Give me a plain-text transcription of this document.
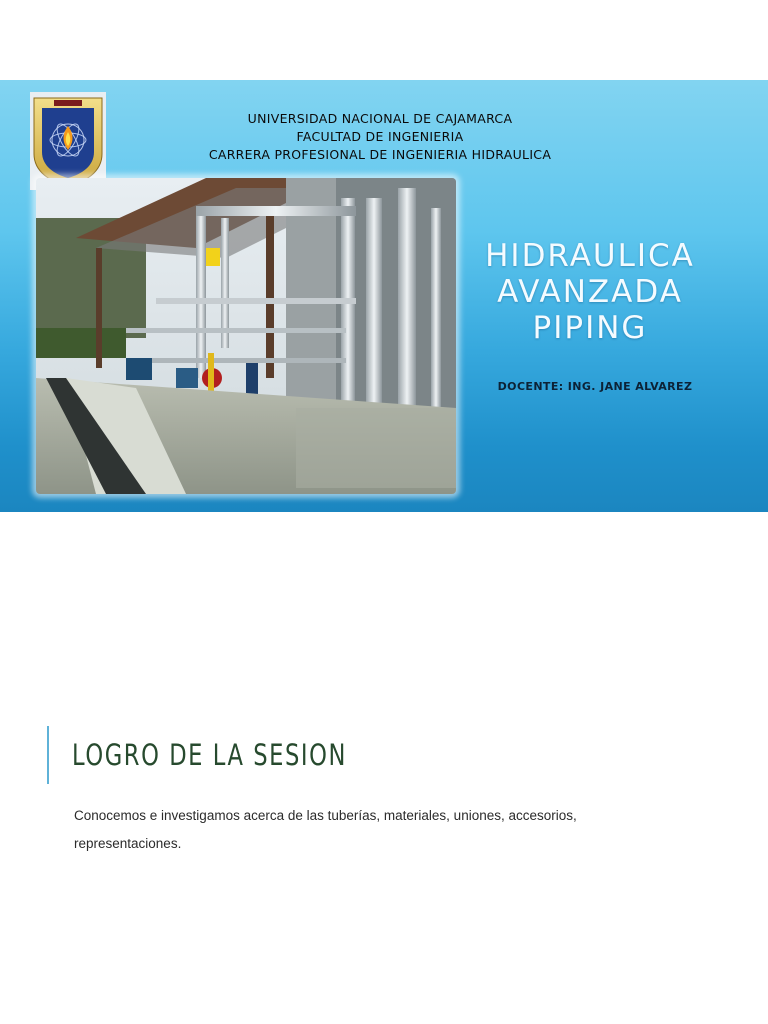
UNIVERSIDAD NACIONAL DE CAJAMARCA
FACULTAD DE INGENIERIA
CARRERA PROFESIONAL DE INGENIERIA HIDRAULICA
HIDRAULICA
AVANZADA
PIPING
DOCENTE: ING. JANE ALVAREZ
LOGRO DE LA SESION
Conocemos e investigamos acerca de las tuberías, materiales, uniones, accesorios,
representaciones.
